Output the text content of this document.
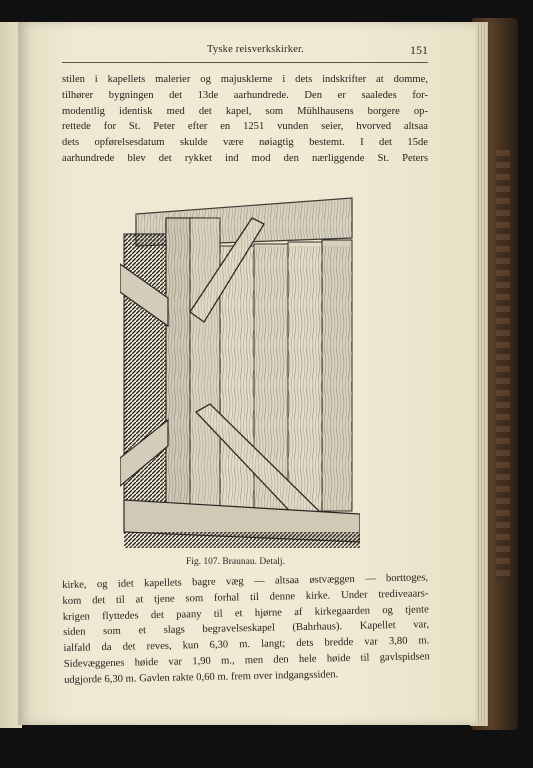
Tyske reisverkskirker.	151

stilen i kapellets malerier og majusklerne i dets indskrifter at domme,
tilhører bygningen det 13de aarhundrede. Den er saaledes for-
modentlig identisk med det kapel, som Mühlhausens borgere op-
rettede for St. Peter efter en 1251 vunden seier, hvorved altsaa
dets opførelsesdatum skulde være nøiagtig bestemt. I det 15de
aarhundrede blev det rykket ind mod den nærliggende St. Peters

Fig. 107. Braunau. Detalj.

kirke, og idet kapellets bagre væg — altsaa østvæggen — borttoges,
kom det til at tjene som forhal til denne kirke. Under trediveaars-
krigen flyttedes det paany til et hjørne af kirkegaarden og tjente
siden som et slags begravelseskapel (Bahrhaus). Kapellet var,
ialfald da det reves, kun 6,30 m. langt; dets bredde var 3,80 m.
Sidevæggenes høide var 1,90 m., men den hele høide til gavlspidsen
udgjorde 6,30 m. Gavlen rakte 0,60 m. frem over indgangssiden.
